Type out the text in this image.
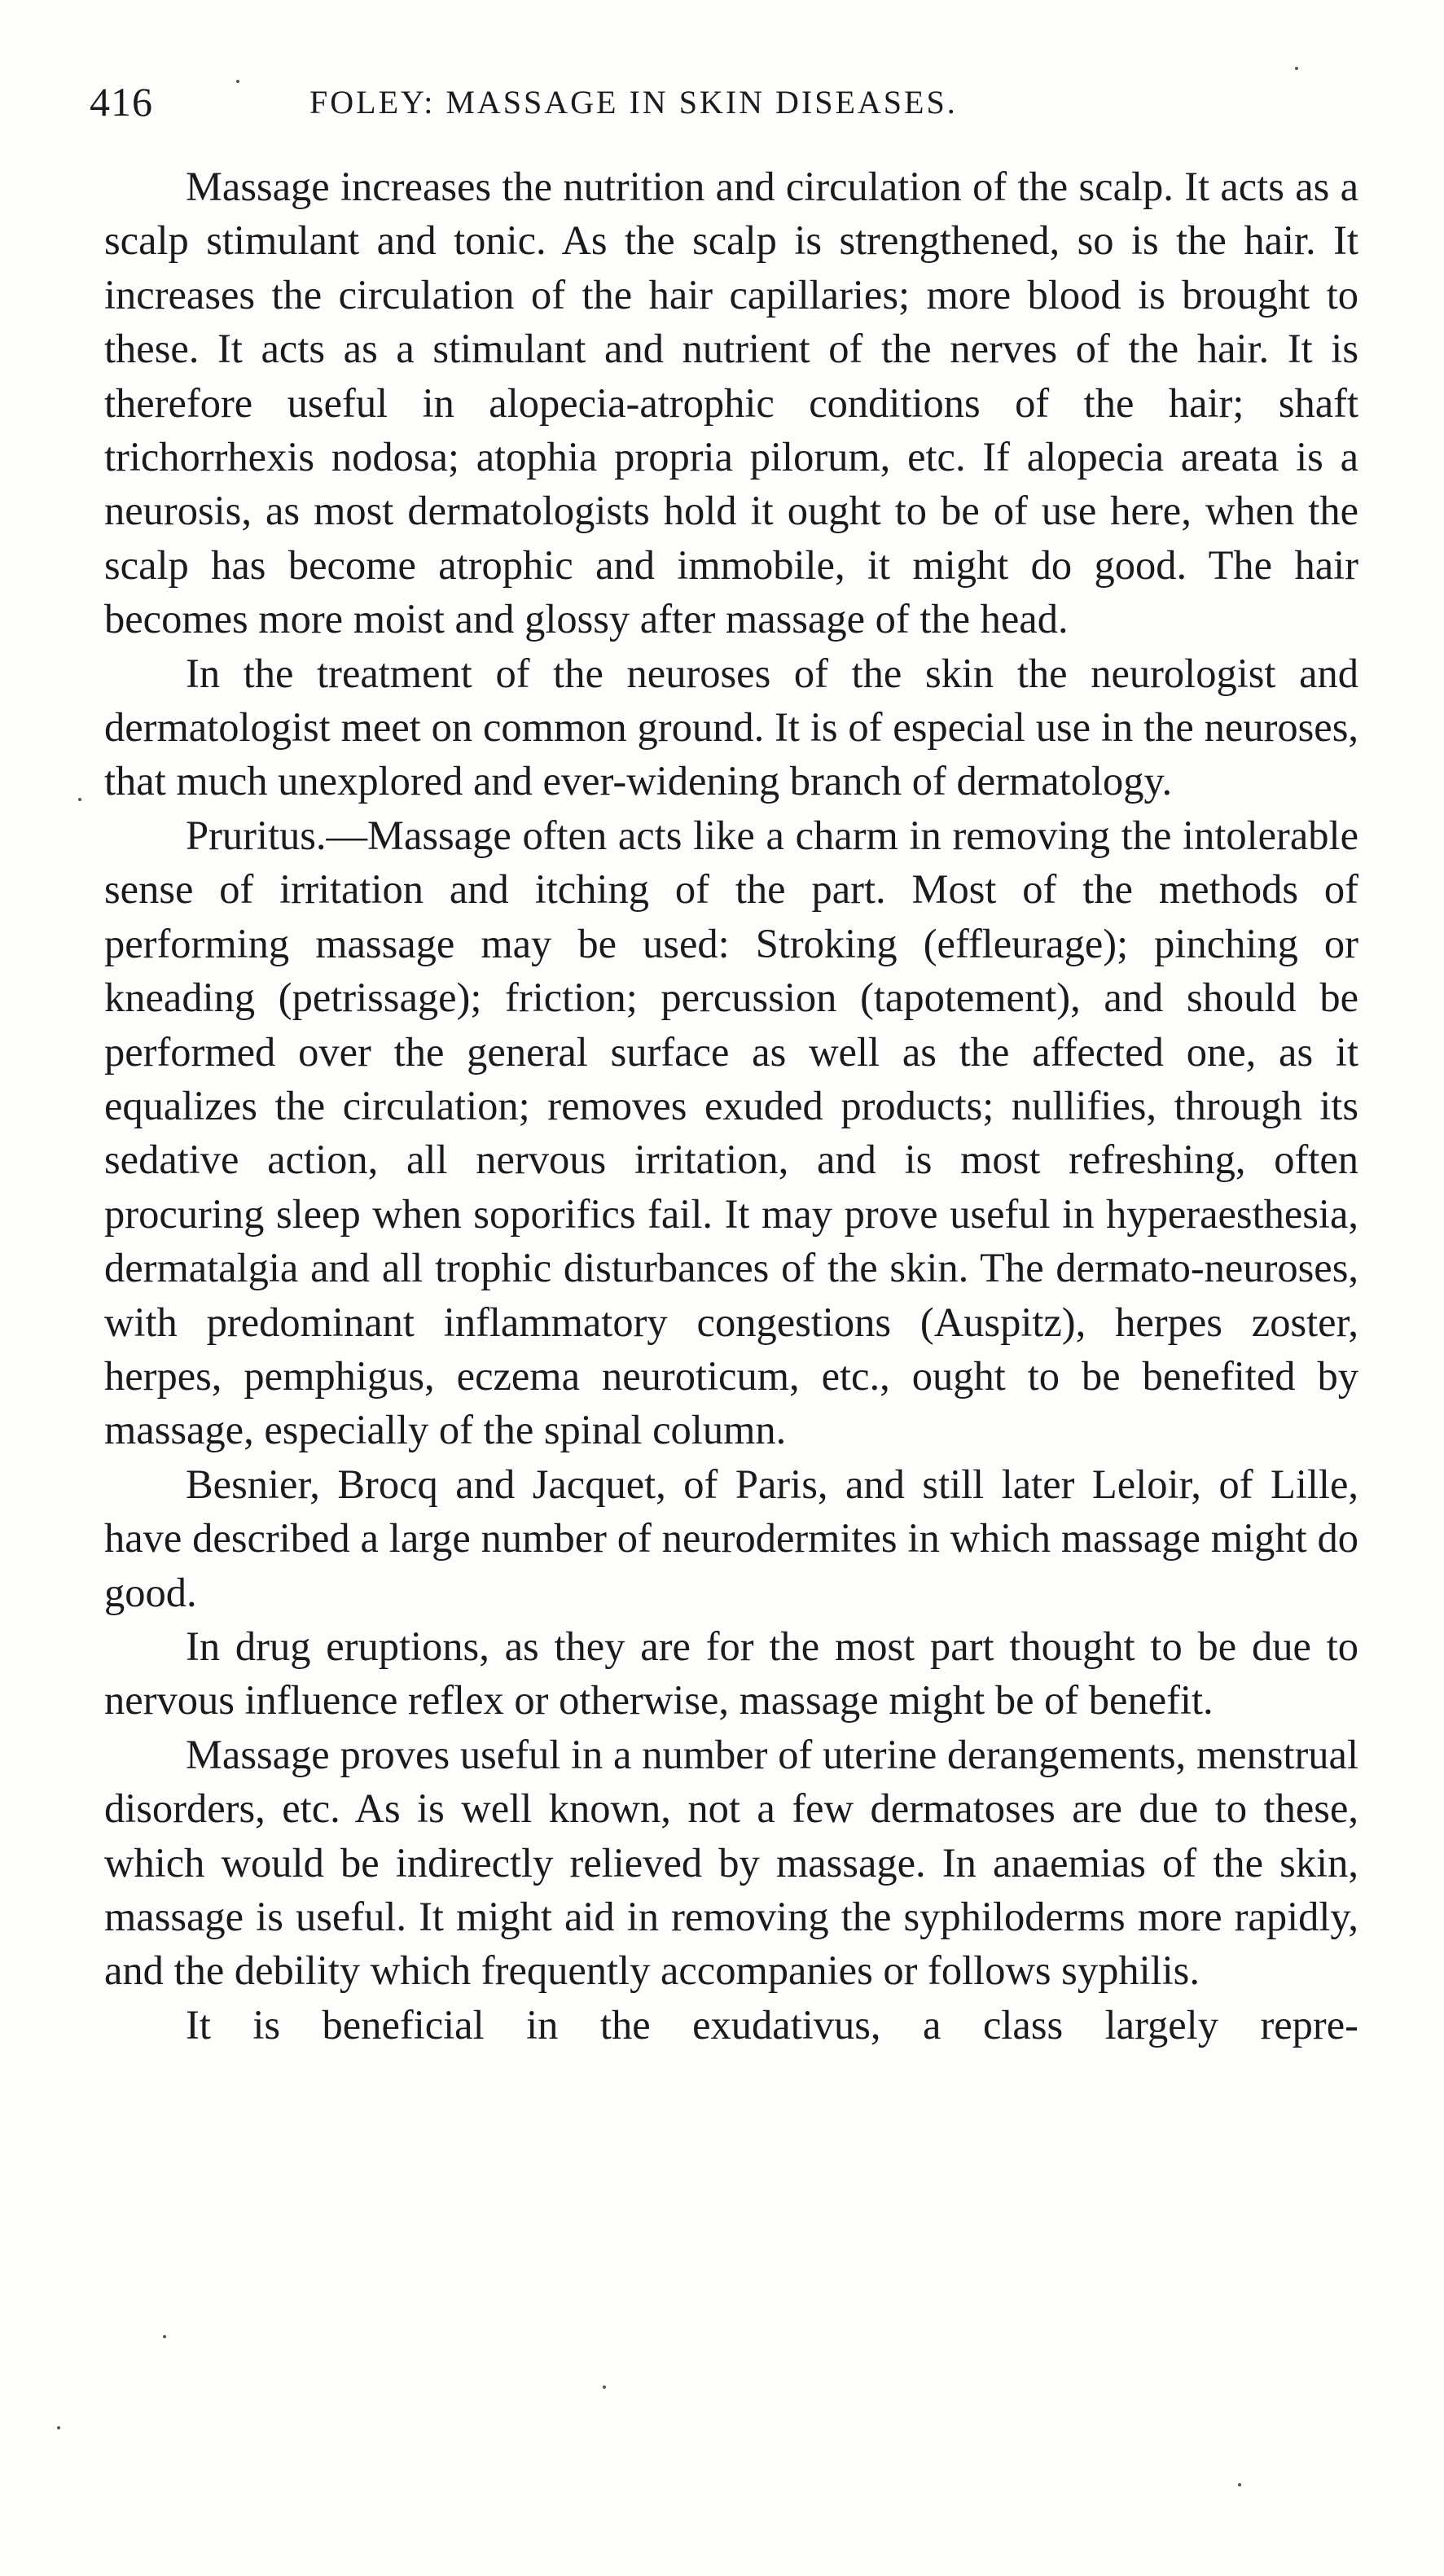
416	FOLEY: MASSAGE IN SKIN DISEASES.

Massage increases the nutrition and circulation of the scalp. It acts as a scalp stimulant and tonic. As the scalp is strengthened, so is the hair. It increases the circulation of the hair capillaries; more blood is brought to these. It acts as a stimulant and nutrient of the nerves of the hair. It is therefore useful in alopecia-atrophic conditions of the hair; shaft trichorrhexis nodosa; atophia propria pilorum, etc. If alopecia areata is a neurosis, as most dermatologists hold it ought to be of use here, when the scalp has become atrophic and immobile, it might do good. The hair becomes more moist and glossy after massage of the head.

In the treatment of the neuroses of the skin the neurologist and dermatologist meet on common ground. It is of especial use in the neuroses, that much unexplored and ever-widening branch of dermatology.

Pruritus.—Massage often acts like a charm in removing the intolerable sense of irritation and itching of the part. Most of the methods of performing massage may be used: Stroking (effleurage); pinching or kneading (petrissage); friction; percussion (tapotement), and should be performed over the general surface as well as the affected one, as it equalizes the circulation; removes exuded products; nullifies, through its sedative action, all nervous irritation, and is most refreshing, often procuring sleep when soporifics fail. It may prove useful in hyperaesthesia, dermatalgia and all trophic disturbances of the skin. The dermato-neuroses, with predominant inflammatory congestions (Auspitz), herpes zoster, herpes, pemphigus, eczema neuroticum, etc., ought to be benefited by massage, especially of the spinal column.

Besnier, Brocq and Jacquet, of Paris, and still later Leloir, of Lille, have described a large number of neurodermites in which massage might do good.

In drug eruptions, as they are for the most part thought to be due to nervous influence reflex or otherwise, massage might be of benefit.

Massage proves useful in a number of uterine derangements, menstrual disorders, etc. As is well known, not a few dermatoses are due to these, which would be indirectly relieved by massage. In anaemias of the skin, massage is useful. It might aid in removing the syphiloderms more rapidly, and the debility which frequently accompanies or follows syphilis.

It is beneficial in the exudativus, a class largely repre-
